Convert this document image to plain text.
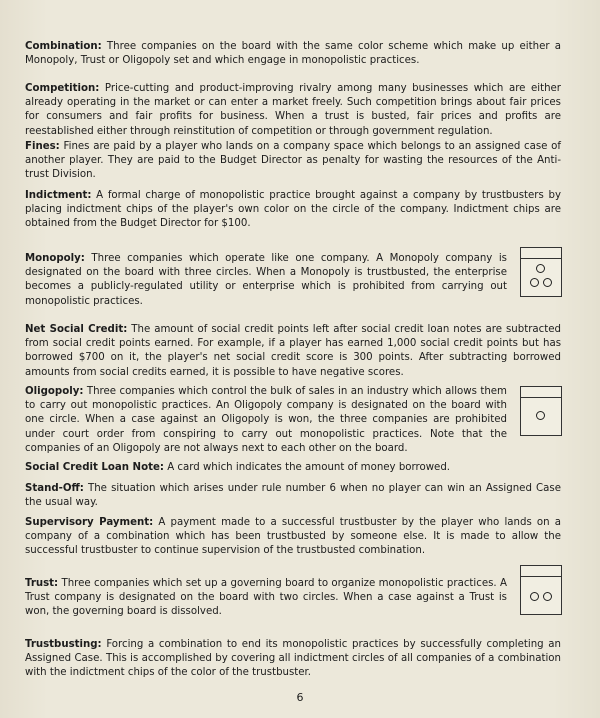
Combination: Three companies on the board with the same color scheme which make up either a Monopoly, Trust or Oligopoly set and which engage in monopolistic practices.

Competition: Price-cutting and product-improving rivalry among many businesses which are either already operating in the market or can enter a market freely. Such competition brings about fair prices for consumers and fair profits for business. When a trust is busted, fair prices and profits are reestablished either through reinstitution of competition or through government regulation.

Fines: Fines are paid by a player who lands on a company space which belongs to an assigned case of another player. They are paid to the Budget Director as penalty for wasting the resources of the Anti-trust Division.

Indictment: A formal charge of monopolistic practice brought against a company by trustbusters by placing indictment chips of the player's own color on the circle of the company. Indictment chips are obtained from the Budget Director for $100.

Monopoly: Three companies which operate like one company. A Monopoly company is designated on the board with three circles. When a Monopoly is trustbusted, the enterprise becomes a publicly-regulated utility or enterprise which is prohibited from carrying out monopolistic practices.

Net Social Credit: The amount of social credit points left after social credit loan notes are subtracted from social credit points earned. For example, if a player has earned 1,000 social credit points but has borrowed $700 on it, the player's net social credit score is 300 points. After subtracting borrowed amounts from social credits earned, it is possible to have negative scores.

Oligopoly: Three companies which control the bulk of sales in an industry which allows them to carry out monopolistic practices. An Oligopoly company is designated on the board with one circle. When a case against an Oligopoly is won, the three companies are prohibited under court order from conspiring to carry out monopolistic practices. Note that the companies of an Oligopoly are not always next to each other on the board.

Social Credit Loan Note: A card which indicates the amount of money borrowed.

Stand-Off: The situation which arises under rule number 6 when no player can win an Assigned Case the usual way.

Supervisory Payment: A payment made to a successful trustbuster by the player who lands on a company of a combination which has been trustbusted by someone else. It is made to allow the successful trustbuster to continue supervision of the trustbusted combination.

Trust: Three companies which set up a governing board to organize monopolistic practices. A Trust company is designated on the board with two circles. When a case against a Trust is won, the governing board is dissolved.

Trustbusting: Forcing a combination to end its monopolistic practices by successfully completing an Assigned Case. This is accomplished by covering all indictment circles of all companies of a combination with the indictment chips of the color of the trustbuster.

6
